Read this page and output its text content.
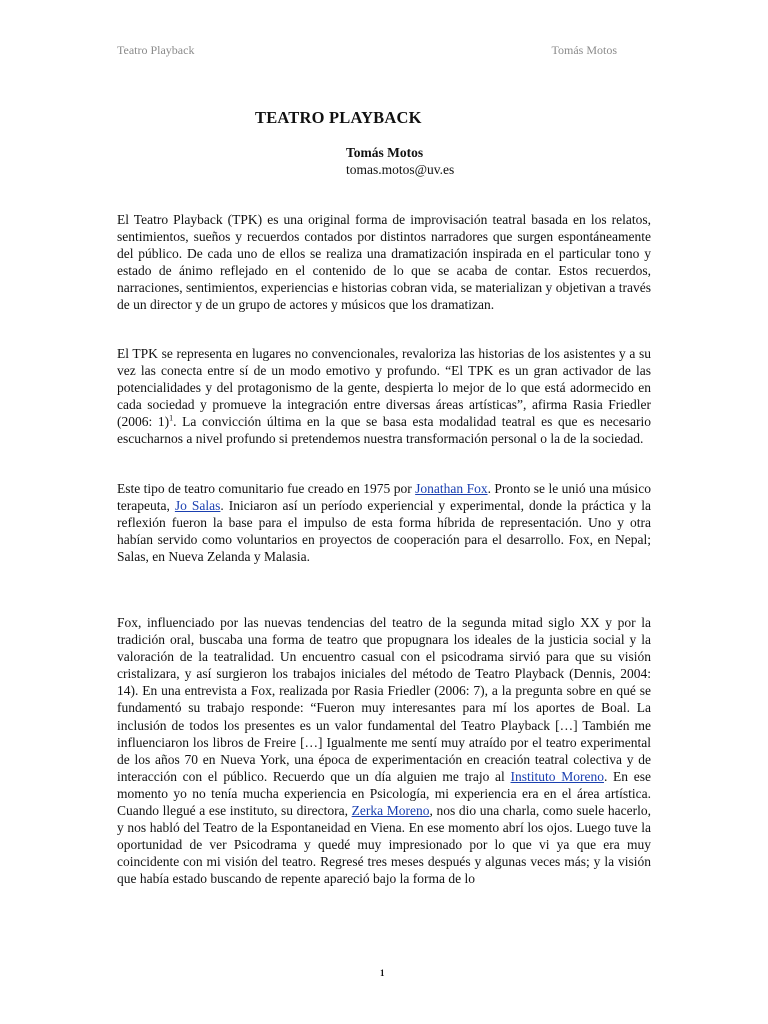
Teatro Playback	Tomás Motos
TEATRO PLAYBACK
Tomás Motos
tomas.motos@uv.es

El Teatro Playback (TPK) es una original forma de improvisación teatral basada en los relatos, sentimientos, sueños y recuerdos contados por distintos narradores que surgen espontáneamente del público. De cada uno de ellos se realiza una dramatización inspirada en el particular tono y estado de ánimo reflejado en el contenido de lo que se acaba de contar. Estos recuerdos, narraciones, sentimientos, experiencias e historias cobran vida, se materializan y objetivan a través de un director y de un grupo de actores y músicos que los dramatizan.

El TPK se representa en lugares no convencionales, revaloriza las historias de los asistentes y a su vez las conecta entre sí de un modo emotivo y profundo. “El TPK es un gran activador de las potencialidades y del protagonismo de la gente, despierta lo mejor de lo que está adormecido en cada sociedad y promueve la integración entre diversas áreas artísticas”, afirma Rasia Friedler (2006: 1)$^1$. La convicción última en la que se basa esta modalidad teatral es que es necesario escucharnos a nivel profundo si pretendemos nuestra transformación personal o la de la sociedad.

Este tipo de teatro comunitario fue creado en 1975 por Jonathan Fox. Pronto se le unió una músico terapeuta, Jo Salas. Iniciaron así un período experiencial y experimental, donde la práctica y la reflexión fueron la base para el impulso de esta forma híbrida de representación. Uno y otra habían servido como voluntarios en proyectos de cooperación para el desarrollo. Fox, en Nepal; Salas, en Nueva Zelanda y Malasia.

Fox, influenciado por las nuevas tendencias del teatro de la segunda mitad siglo XX y por la tradición oral, buscaba una forma de teatro que propugnara los ideales de la justicia social y la valoración de la teatralidad. Un encuentro casual con el psicodrama sirvió para que su visión cristalizara, y así surgieron los trabajos iniciales del método de Teatro Playback (Dennis, 2004: 14). En una entrevista a Fox, realizada por Rasia Friedler (2006: 7), a la pregunta sobre en qué se fundamentó su trabajo responde: “Fueron muy interesantes para mí los aportes de Boal. La inclusión de todos los presentes es un valor fundamental del Teatro Playback […] También me influenciaron los libros de Freire […] Igualmente me sentí muy atraído por el teatro experimental de los años 70 en Nueva York, una época de experimentación en creación teatral colectiva y de interacción con el público. Recuerdo que un día alguien me trajo al Instituto Moreno. En ese momento yo no tenía mucha experiencia en Psicología, mi experiencia era en el área artística. Cuando llegué a ese instituto, su directora, Zerka Moreno, nos dio una charla, como suele hacerlo, y nos habló del Teatro de la Espontaneidad en Viena. En ese momento abrí los ojos. Luego tuve la oportunidad de ver Psicodrama y quedé muy impresionado por lo que vi ya que era muy coincidente con mi visión del teatro. Regresé tres meses después y algunas veces más; y la visión que había estado buscando de repente apareció bajo la forma de lo

1
